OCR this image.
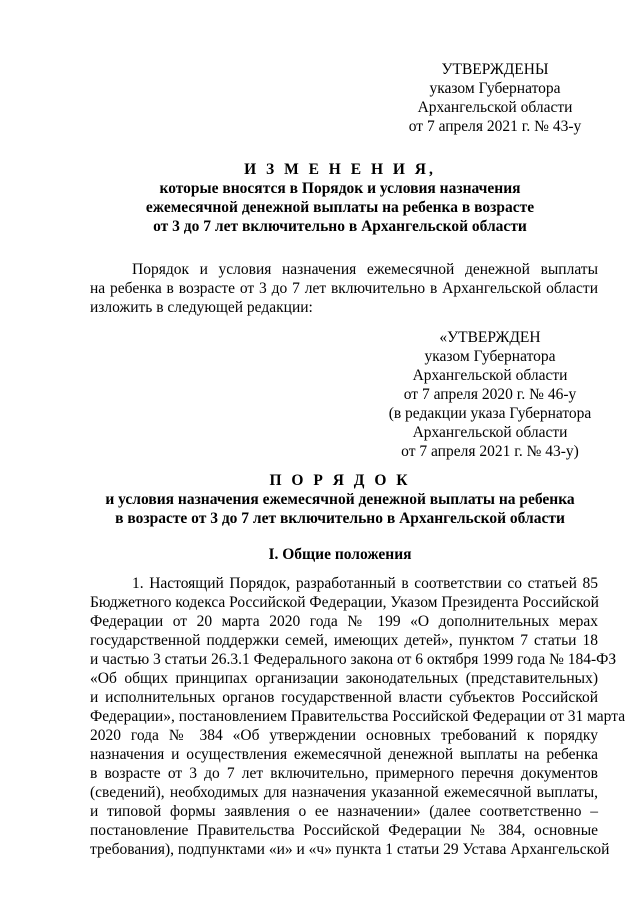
УТВЕРЖДЕНЫ
указом Губернатора
Архангельской области
от 7 апреля 2021 г. № 43-у
И З М Е Н Е Н И Я,
которые вносятся в Порядок и условия назначения
ежемесячной денежной выплаты на ребенка в возрасте
от 3 до 7 лет включительно в Архангельской области
Порядок и условия назначения ежемесячной денежной выплаты
на ребенка в возрасте от 3 до 7 лет включительно в Архангельской области
изложить в следующей редакции:
«УТВЕРЖДЕН
указом Губернатора
Архангельской области
от 7 апреля 2020 г. № 46-у
(в редакции указа Губернатора
Архангельской области
от 7 апреля 2021 г. № 43-у)
П О Р Я Д О К
и условия назначения ежемесячной денежной выплаты на ребенка
в возрасте от 3 до 7 лет включительно в Архангельской области
I. Общие положения
1. Настоящий Порядок, разработанный в соответствии со статьей 85
Бюджетного кодекса Российской Федерации, Указом Президента Российской
Федерации от 20 марта 2020 года № 199 «О дополнительных мерах
государственной поддержки семей, имеющих детей», пунктом 7 статьи 18
и частью 3 статьи 26.3.1 Федерального закона от 6 октября 1999 года № 184-ФЗ
«Об общих принципах организации законодательных (представительных)
и исполнительных органов государственной власти субъектов Российской
Федерации», постановлением Правительства Российской Федерации от 31 марта
2020 года № 384 «Об утверждении основных требований к порядку
назначения и осуществления ежемесячной денежной выплаты на ребенка
в возрасте от 3 до 7 лет включительно, примерного перечня документов
(сведений), необходимых для назначения указанной ежемесячной выплаты,
и типовой формы заявления о ее назначении» (далее соответственно –
постановление Правительства Российской Федерации № 384, основные
требования), подпунктами «и» и «ч» пункта 1 статьи 29 Устава Архангельской
